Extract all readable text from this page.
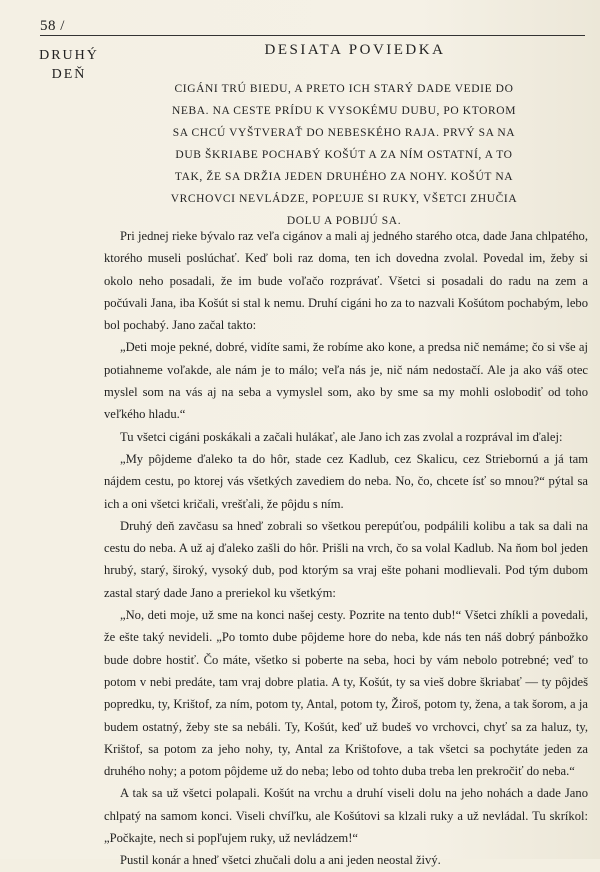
58 /
DRUHÝ
DEŇ
DESIATA POVIEDKA
CIGÁNI TRÚ BIEDU, A PRETO ICH STARÝ DADE VEDIE DO NEBA. NA CESTE PRÍDU K VYSOKÉMU DUBU, PO KTOROM SA CHCÚ VYŠTVERAŤ DO NEBESKÉHO RAJA. PRVÝ SA NA DUB ŠKRIABE POCHABÝ KOŠÚT A ZA NÍM OSTATNÍ, A TO TAK, ŽE SA DRŽIA JEDEN DRUHÉHO ZA NOHY. KOŠÚT NA VRCHOVCI NEVLÁDZE, POPĽUJE SI RUKY, VŠETCI ZHUČIA DOLU A POBIJÚ SA.

Pri jednej rieke bývalo raz veľa cigánov a mali aj jedného starého otca, dade Jana chlpatého, ktorého museli poslúchať. Keď boli raz doma, ten ich dovedna zvolal. Povedal im, žeby si okolo neho posadali, že im bude voľačo rozprávať. Všetci si posadali do radu na zem a počúvali Jana, iba Košút si stal k nemu. Druhí cigáni ho za to nazvali Košútom pochabým, lebo bol pochabý. Jano začal takto:

„Deti moje pekné, dobré, vidíte sami, že robíme ako kone, a predsa nič nemáme; čo si vše aj potiahneme voľakde, ale nám je to málo; veľa nás je, nič nám nedostačí. Ale ja ako váš otec myslel som na vás aj na seba a vymyslel som, ako by sme sa my mohli oslobodiť od toho veľkého hladu.“

Tu všetci cigáni poskákali a začali hulákať, ale Jano ich zas zvolal a rozprával im ďalej:

„My pôjdeme ďaleko ta do hôr, stade cez Kadlub, cez Skalicu, cez Striebornú a já tam nájdem cestu, po ktorej vás všetkých zavediem do neba. No, čo, chcete ísť so mnou?“ pýtal sa ich a oni všetci kričali, vrešťali, že pôjdu s ním.

Druhý deň zavčasu sa hneď zobrali so všetkou perepúťou, podpálili kolibu a tak sa dali na cestu do neba. A už aj ďaleko zašli do hôr. Prišli na vrch, čo sa volal Kadlub. Na ňom bol jeden hrubý, starý, široký, vysoký dub, pod ktorým sa vraj ešte pohani modlievali. Pod tým dubom zastal starý dade Jano a preriekol ku všetkým:

„No, deti moje, už sme na konci našej cesty. Pozrite na tento dub!“ Všetci zhíkli a povedali, že ešte taký nevideli. „Po tomto dube pôjdeme hore do neba, kde nás ten náš dobrý pánbožko bude dobre hostiť. Čo máte, všetko si poberte na seba, hoci by vám nebolo potrebné; veď to potom v nebi predáte, tam vraj dobre platia. A ty, Košút, ty sa vieš dobre škriabať — ty pôjdeš popredku, ty, Krištof, za ním, potom ty, Antal, potom ty, Žiroš, potom ty, žena, a tak šorom, a ja budem ostatný, žeby ste sa nebáli. Ty, Košút, keď už budeš vo vrchovci, chyť sa za haluz, ty, Krištof, sa potom za jeho nohy, ty, Antal za Krištofove, a tak všetci sa pochytáte jeden za druhého nohy; a potom pôjdeme už do neba; lebo od tohto duba treba len prekročiť do neba.“

A tak sa už všetci polapali. Košút na vrchu a druhí viseli dolu na jeho nohách a dade Jano chlpatý na samom konci. Viseli chvíľku, ale Košútovi sa klzali ruky a už nevládal. Tu skríkol: „Počkajte, nech si popľujem ruky, už nevládzem!“

Pustil konár a hneď všetci zhučali dolu a ani jeden neostal živý.
